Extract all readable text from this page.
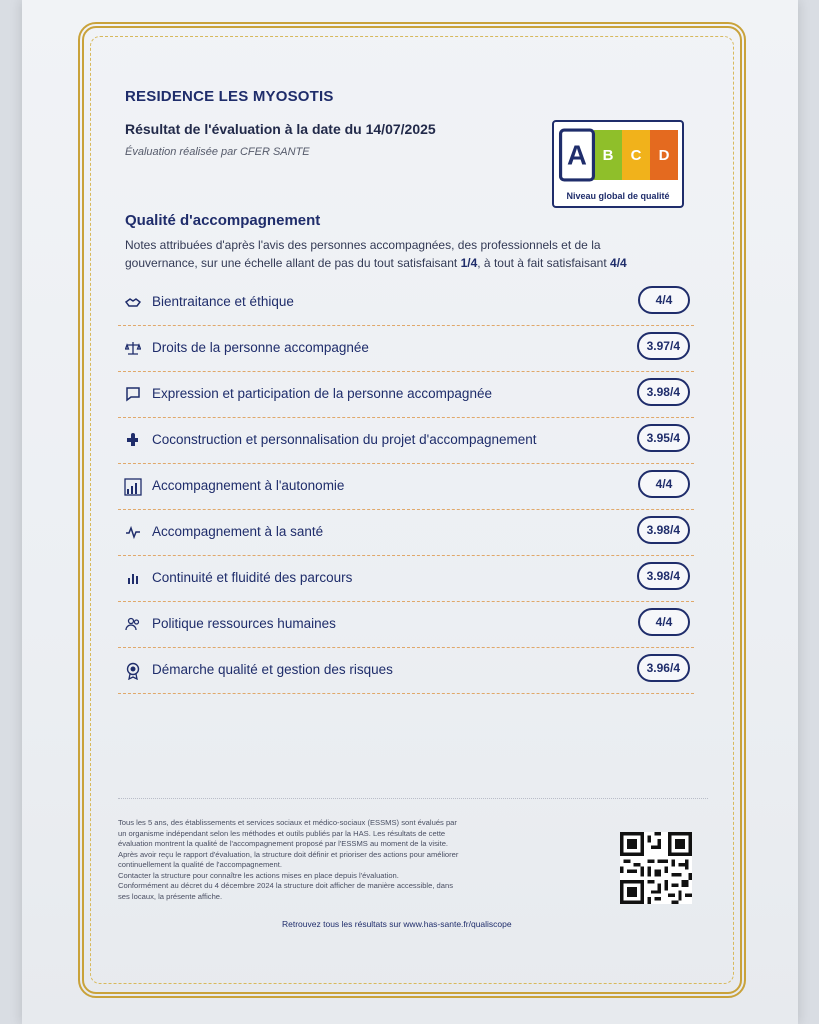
RESIDENCE LES MYOSOTIS
Résultat de l'évaluation à la date du 14/07/2025
Évaluation réalisée par CFER SANTE	A	B	C	D
Niveau global de qualité
Qualité d'accompagnement
Notes attribuées d'après l'avis des personnes accompagnées, des professionnels et de la gouvernance, sur une échelle allant de pas du tout satisfaisant 1/4, à tout à fait satisfaisant 4/4
Bientraitance et éthique	4/4
Droits de la personne accompagnée	3.97/4
Expression et participation de la personne accompagnée	3.98/4
Coconstruction et personnalisation du projet d'accompagnement	3.95/4
Accompagnement à l'autonomie	4/4
Accompagnement à la santé	3.98/4
Continuité et fluidité des parcours	3.98/4
Politique ressources humaines	4/4
Démarche qualité et gestion des risques	3.96/4

Tous les 5 ans, des établissements et services sociaux et médico-sociaux (ESSMS) sont évalués par

un organisme indépendant selon les méthodes et outils publiés par la HAS. Les résultats de cette

évaluation montrent la qualité de l'accompagnement proposé par l'ESSMS au moment de la visite.

Après avoir reçu le rapport d'évaluation, la structure doit définir et prioriser des actions pour améliorer

continuellement la qualité de l'accompagnement.

Contacter la structure pour connaître les actions mises en place depuis l'évaluation.

Conformément au décret du 4 décembre 2024 la structure doit afficher de manière accessible, dans

ses locaux, la présente affiche.

Retrouvez tous les résultats sur www.has-sante.fr/qualiscope
